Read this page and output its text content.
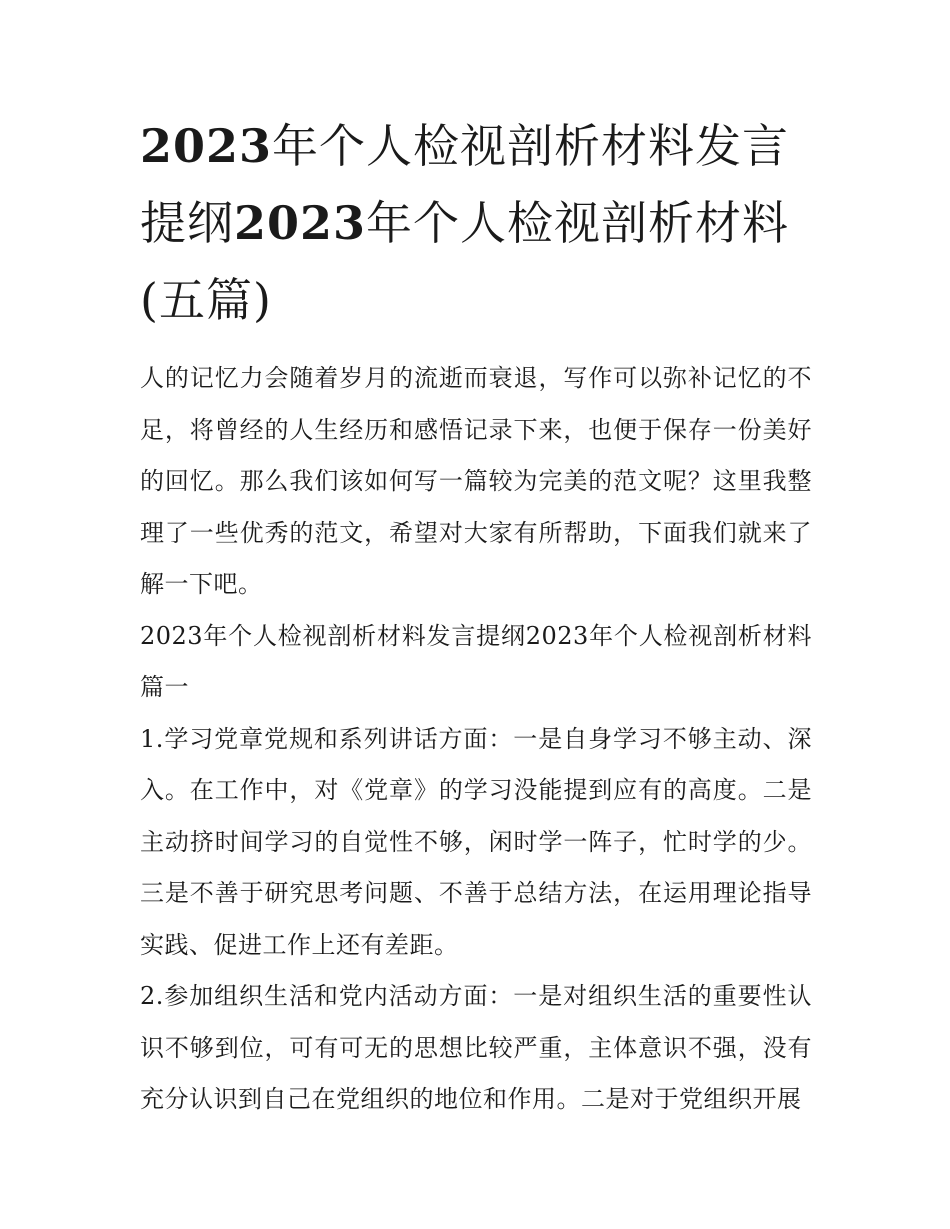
2023年个人检视剖析材料发言提纲2023年个人检视剖析材料(五篇)

人的记忆力会随着岁月的流逝而衰退，写作可以弥补记忆的不足，将曾经的人生经历和感悟记录下来，也便于保存一份美好的回忆。那么我们该如何写一篇较为完美的范文呢？这里我整理了一些优秀的范文，希望对大家有所帮助，下面我们就来了解一下吧。

2023年个人检视剖析材料发言提纲2023年个人检视剖析材料篇一

1.学习党章党规和系列讲话方面：一是自身学习不够主动、深入。在工作中，对《党章》的学习没能提到应有的高度。二是主动挤时间学习的自觉性不够，闲时学一阵子，忙时学的少。三是不善于研究思考问题、不善于总结方法，在运用理论指导实践、促进工作上还有差距。

2.参加组织生活和党内活动方面：一是对组织生活的重要性认识不够到位，可有可无的思想比较严重，主体意识不强，没有充分认识到自己在党组织的地位和作用。二是对于党组织开展
